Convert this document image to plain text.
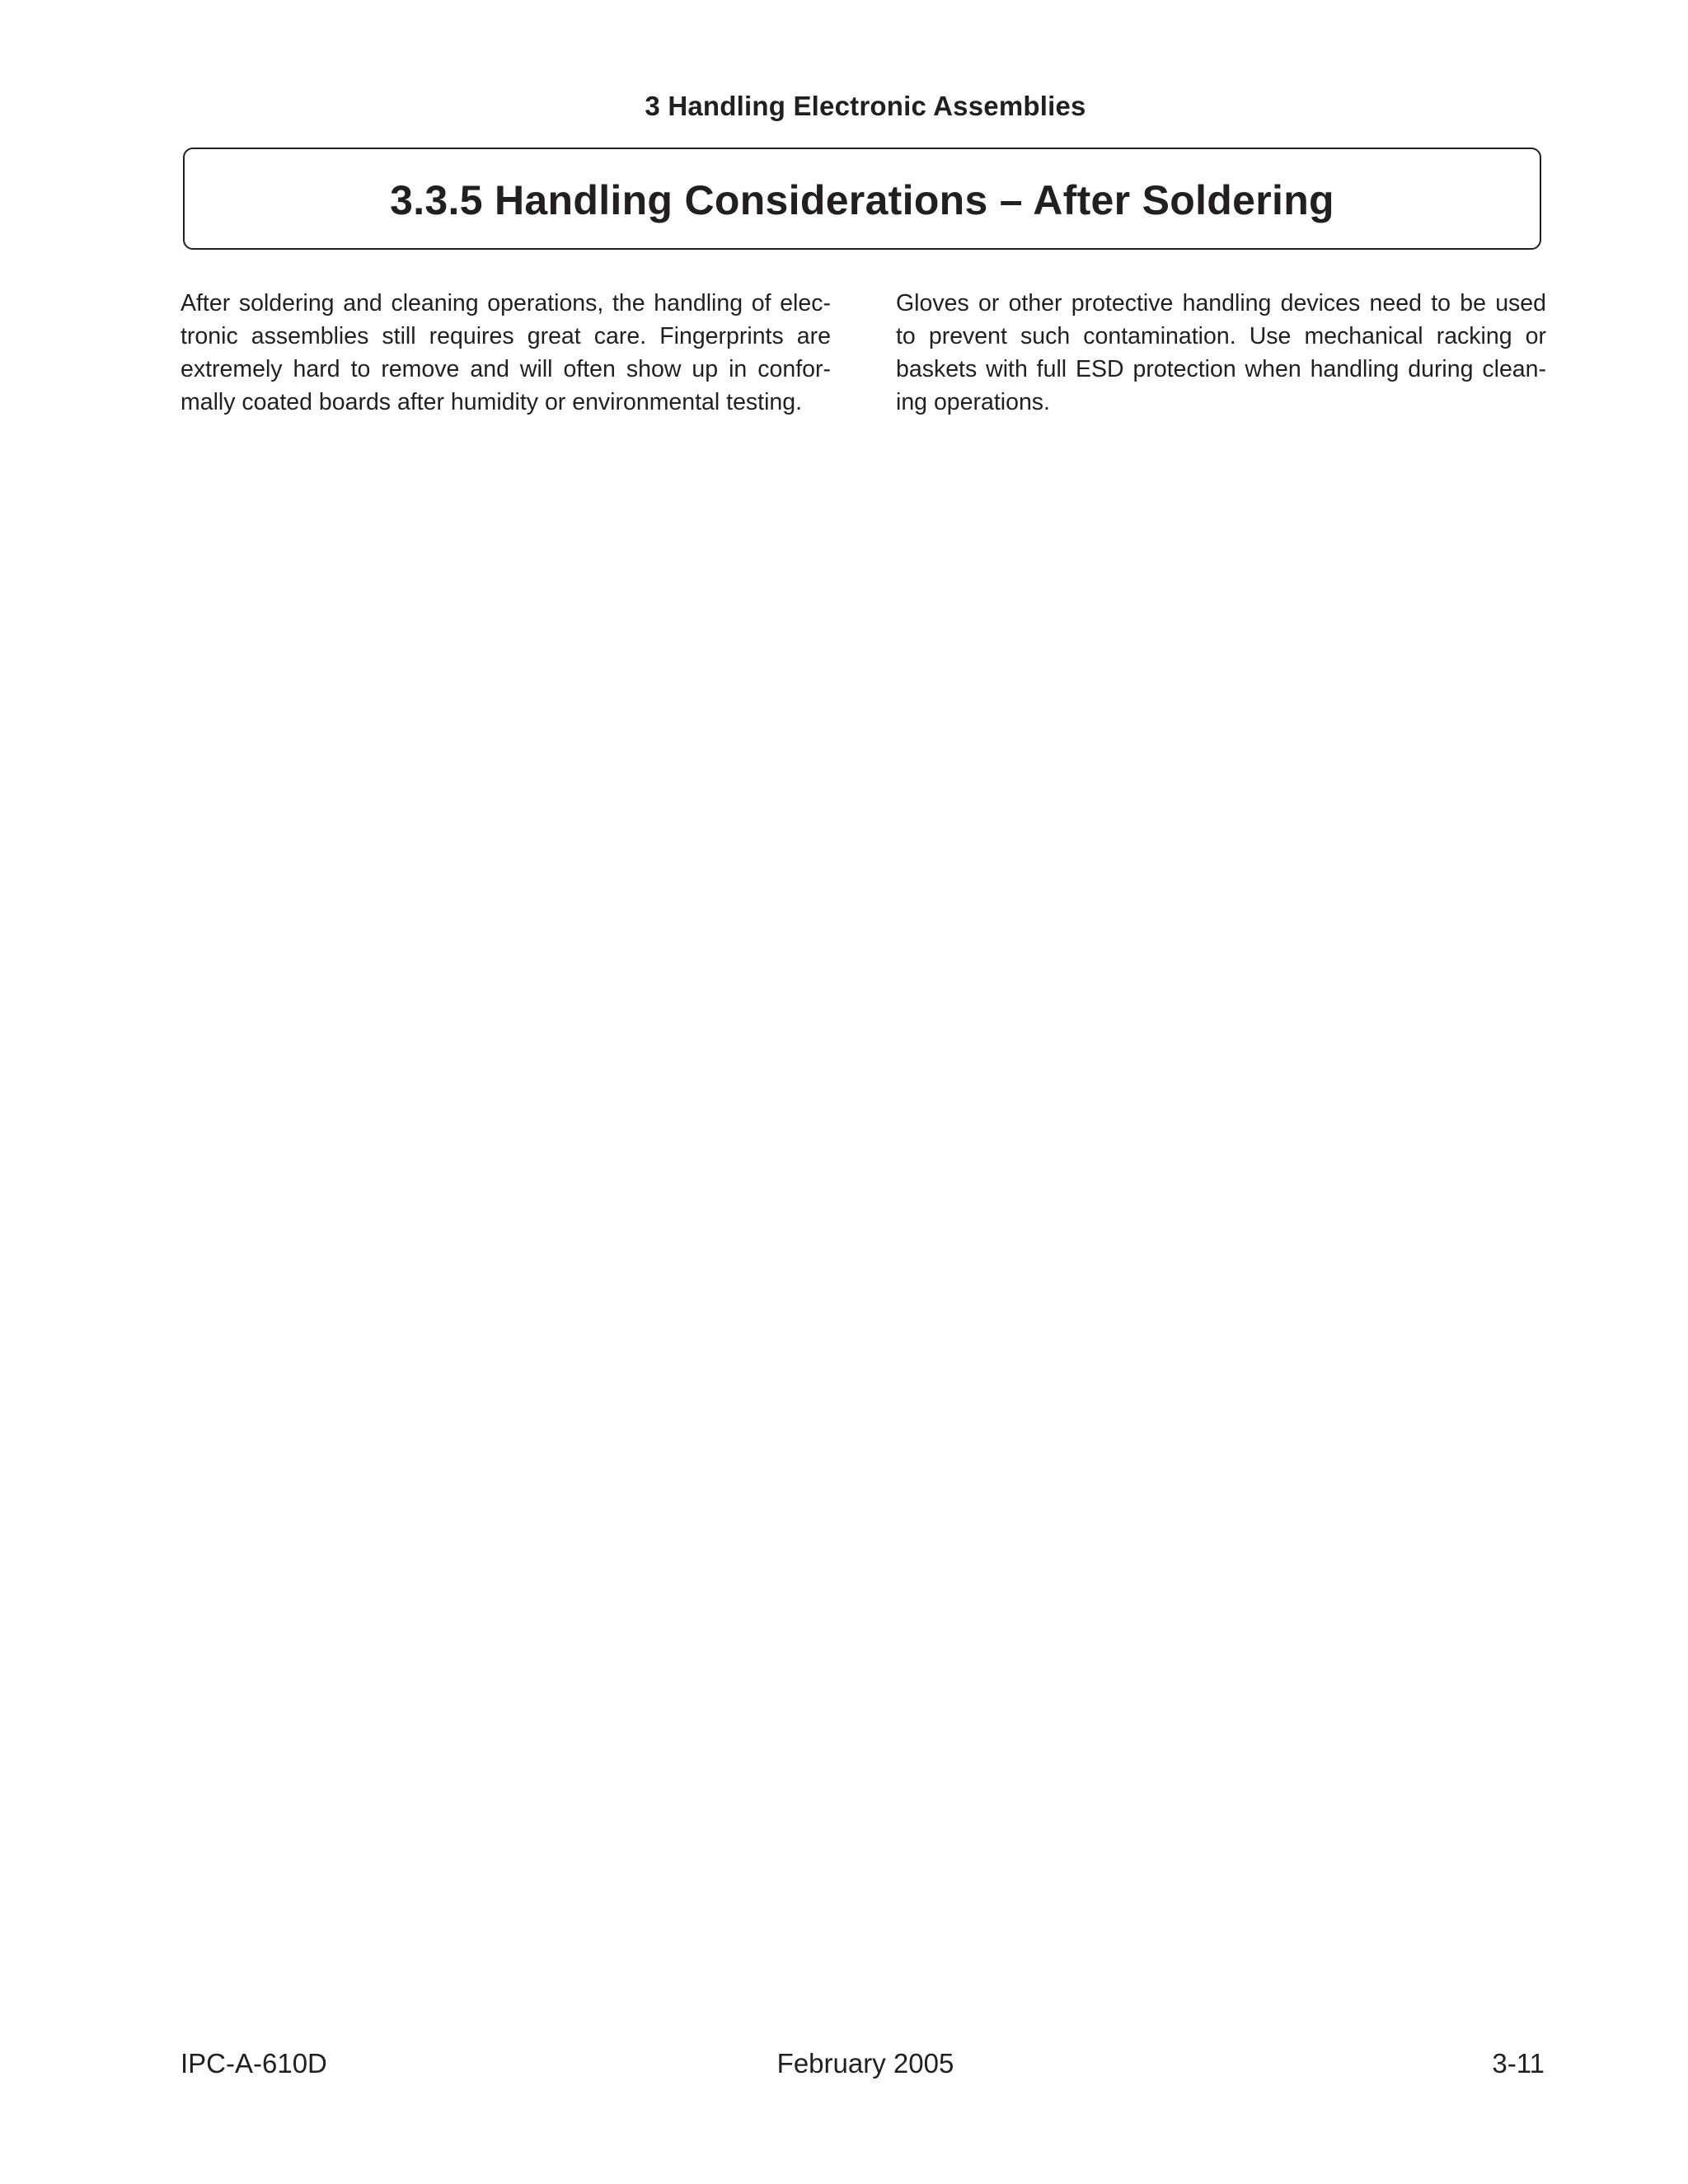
3 Handling Electronic Assemblies
3.3.5 Handling Considerations – After Soldering
After soldering and cleaning operations, the handling of electronic assemblies still requires great care. Fingerprints are extremely hard to remove and will often show up in conformally coated boards after humidity or environmental testing.
Gloves or other protective handling devices need to be used to prevent such contamination. Use mechanical racking or baskets with full ESD protection when handling during cleaning operations.
IPC-A-610D	February 2005	3-11
